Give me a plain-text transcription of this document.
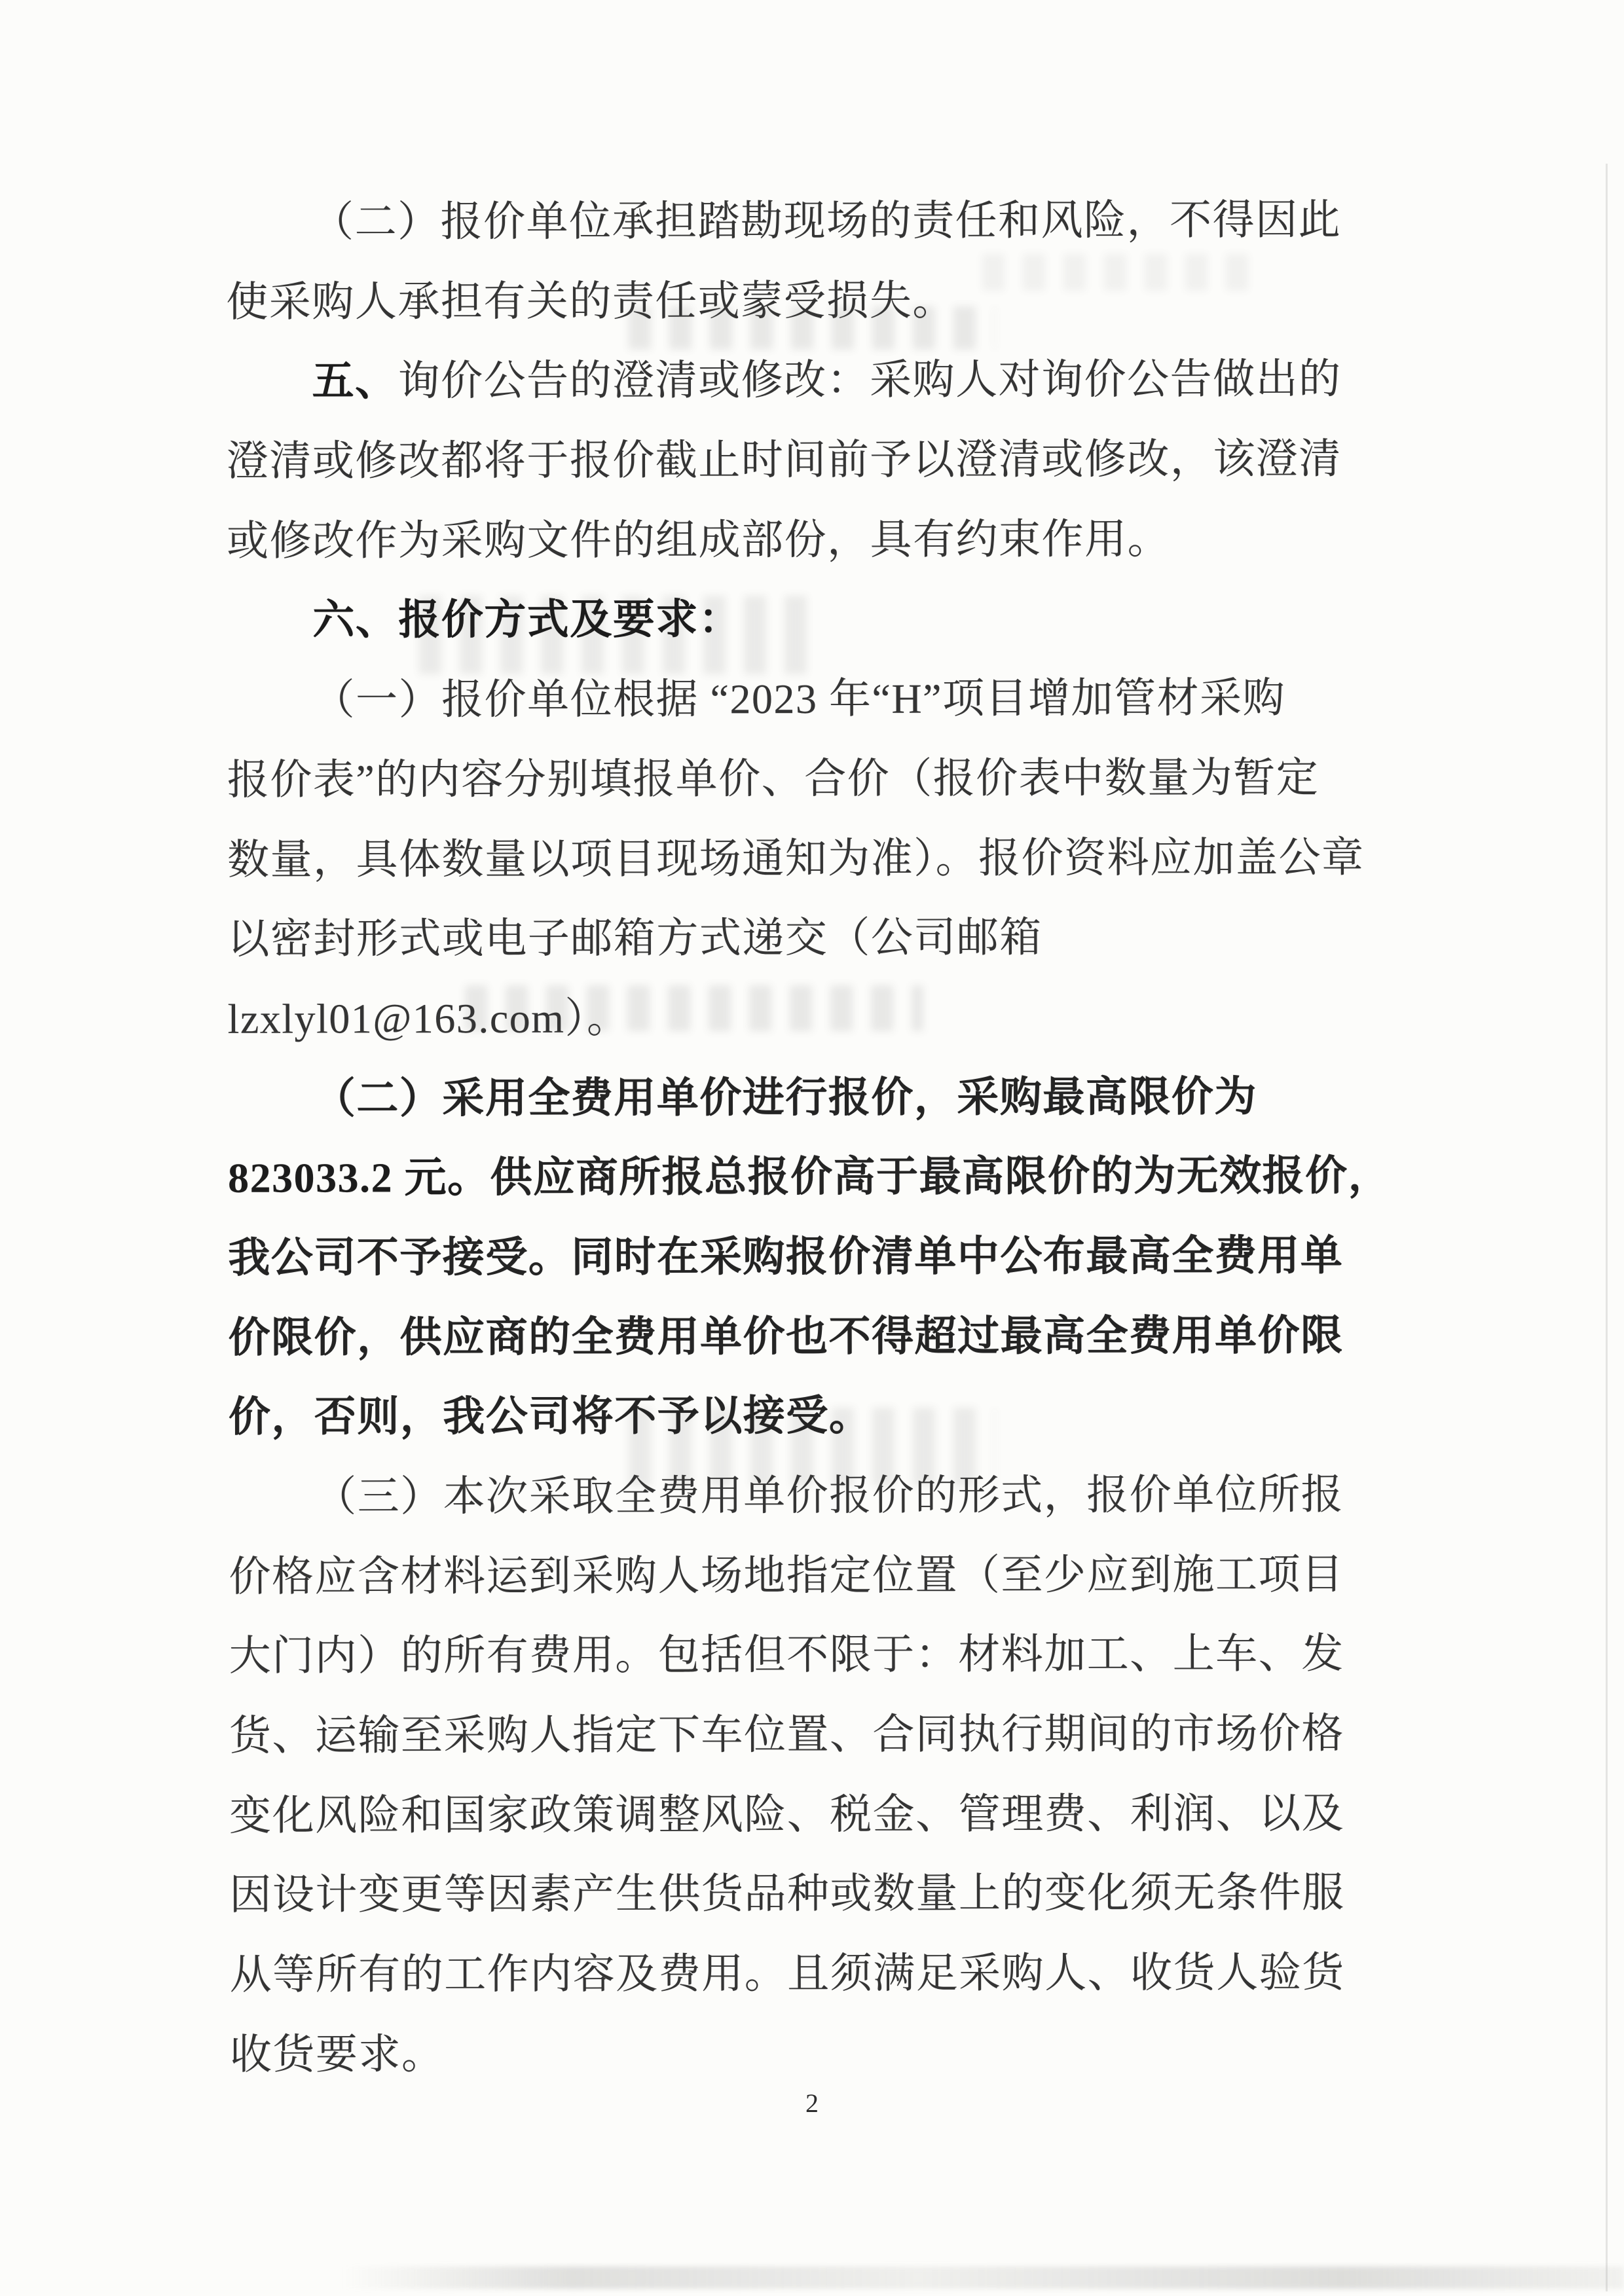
（二）报价单位承担踏勘现场的责任和风险，不得因此
使采购人承担有关的责任或蒙受损失。
五、询价公告的澄清或修改：采购人对询价公告做出的
澄清或修改都将于报价截止时间前予以澄清或修改，该澄清
或修改作为采购文件的组成部份，具有约束作用。
六、报价方式及要求：
（一）报价单位根据 “2023 年“H”项目增加管材采购
报价表”的内容分别填报单价、合价（报价表中数量为暂定
数量，具体数量以项目现场通知为准）。报价资料应加盖公章
以密封形式或电子邮箱方式递交（公司邮箱
lzxlyl01@163.com）。
（二）采用全费用单价进行报价，采购最高限价为
823033.2 元。供应商所报总报价高于最高限价的为无效报价，
我公司不予接受。同时在采购报价清单中公布最高全费用单
价限价，供应商的全费用单价也不得超过最高全费用单价限
价，否则，我公司将不予以接受。
（三）本次采取全费用单价报价的形式，报价单位所报
价格应含材料运到采购人场地指定位置（至少应到施工项目
大门内）的所有费用。包括但不限于：材料加工、上车、发
货、运输至采购人指定下车位置、合同执行期间的市场价格
变化风险和国家政策调整风险、税金、管理费、利润、以及
因设计变更等因素产生供货品种或数量上的变化须无条件服
从等所有的工作内容及费用。且须满足采购人、收货人验货
收货要求。
2
